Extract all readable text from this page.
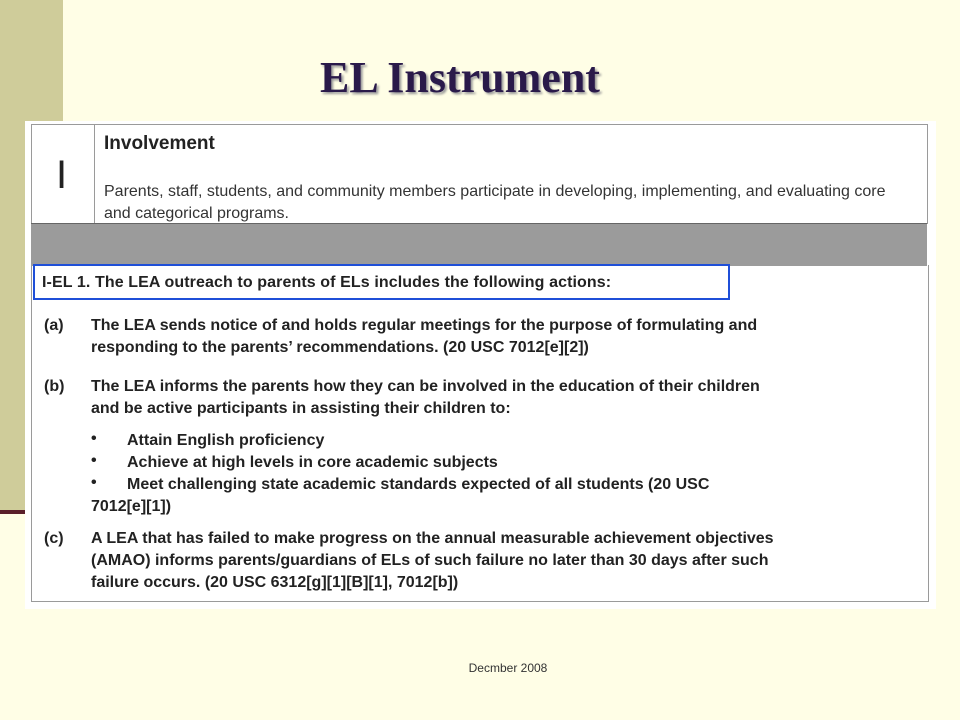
EL Instrument
I
Involvement
Parents, staff, students, and community members participate in developing, implementing, and evaluating core and categorical programs.
I-EL 1. The LEA outreach to parents of ELs includes the following actions:
(a) The LEA sends notice of and holds regular meetings for the purpose of formulating and
responding to the parents’ recommendations. (20 USC 7012[e][2])
(b) The LEA informs the parents how they can be involved in the education of their children
and be active participants in assisting their children to:
• Attain English proficiency
• Achieve at high levels in core academic subjects
• Meet challenging state academic standards expected of all students (20 USC
7012[e][1])
(c) A LEA that has failed to make progress on the annual measurable achievement objectives
(AMAO) informs parents/guardians of ELs of such failure no later than 30 days after such
failure occurs. (20 USC 6312[g][1][B][1], 7012[b])
Decmber 2008
